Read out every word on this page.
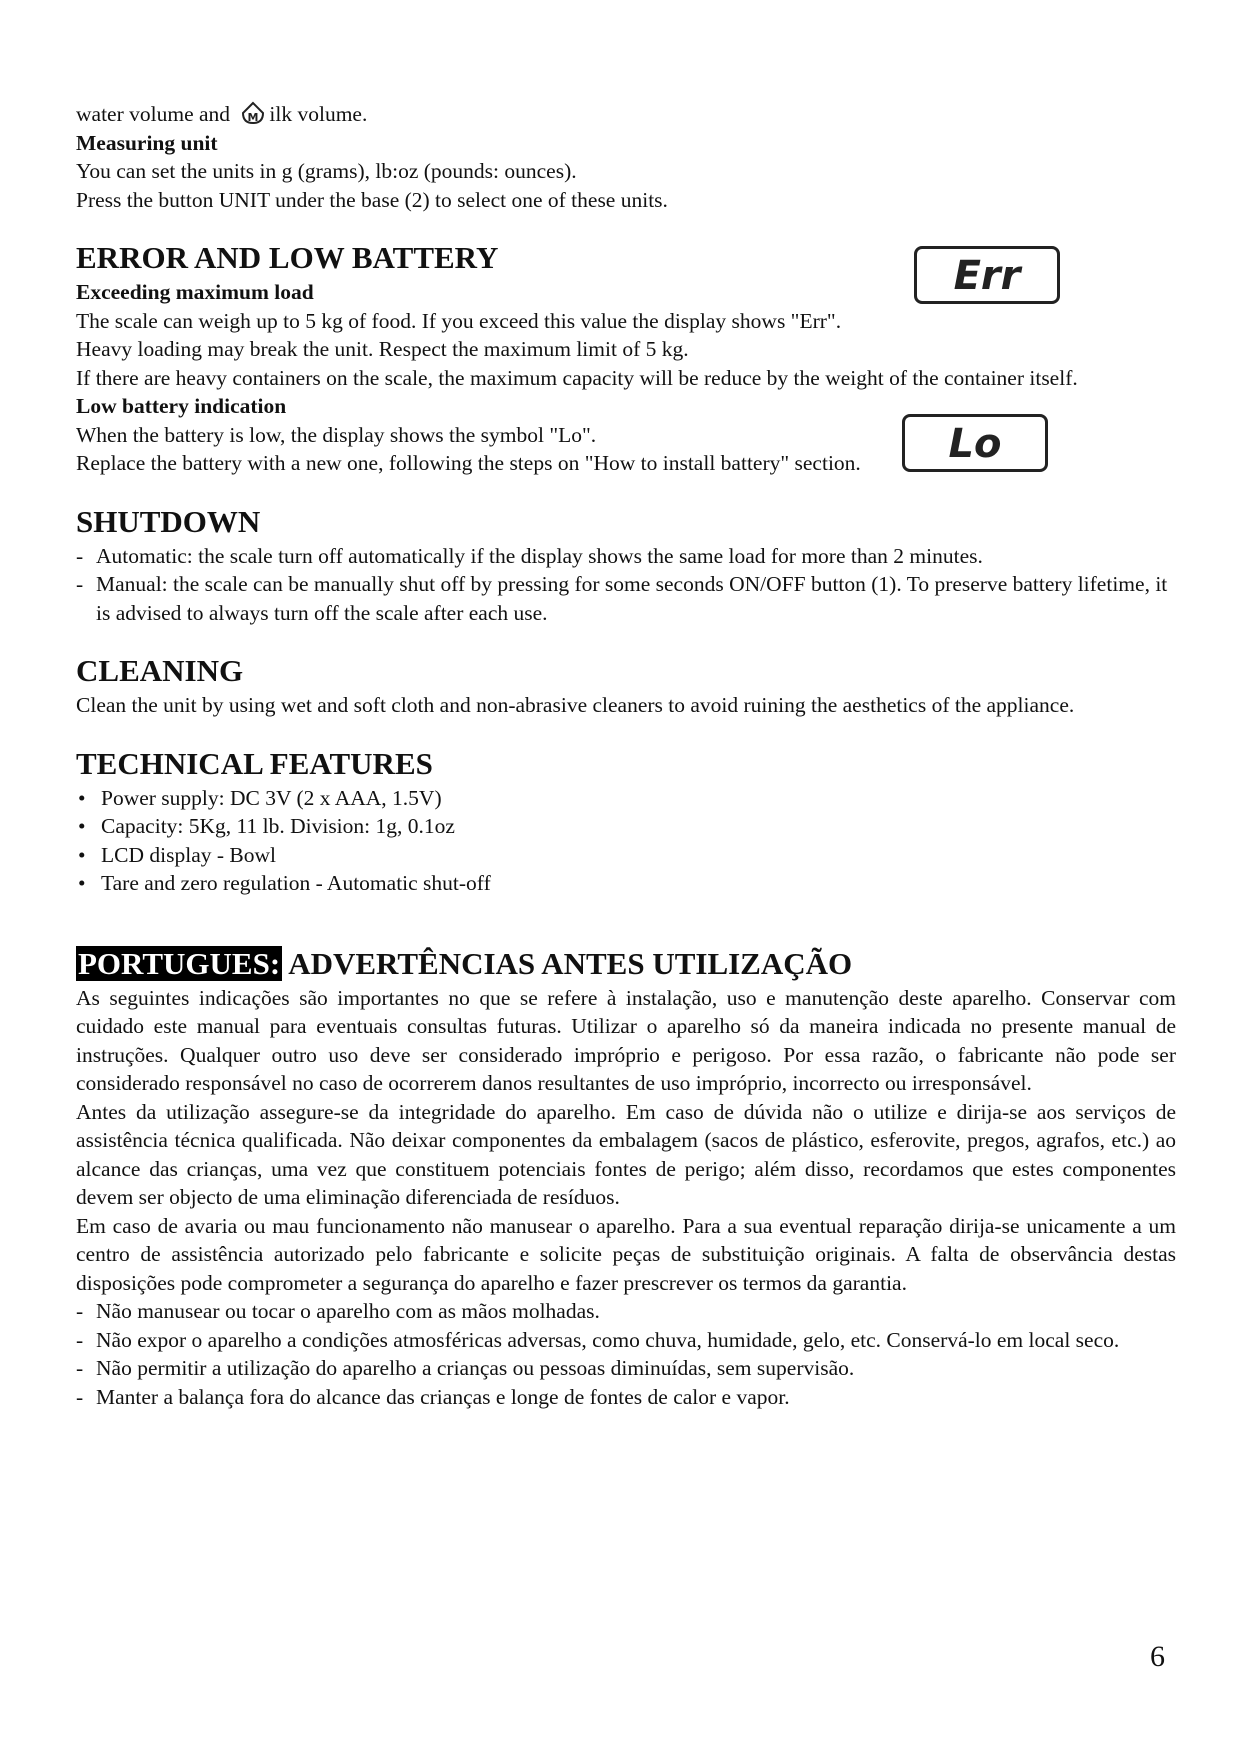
Err
Lo

water volume and M ilk volume.

Measuring unit

You can set the units in g (grams), lb:oz (pounds: ounces).

Press the button UNIT under the base (2) to select one of these units.

ERROR AND LOW BATTERY

Exceeding maximum load

The scale can weigh up to 5 kg of food. If you exceed this value the display shows "Err".

Heavy loading may break the unit. Respect the maximum limit of 5 kg.

If there are heavy containers on the scale, the maximum capacity will be reduce by the weight of the container itself.

Low battery indication

When the battery is low, the display shows the symbol "Lo".

Replace the battery with a new one, following the steps on "How to install battery" section.

SHUTDOWN
- Automatic: the scale turn off automatically if the display shows the same load for more than 2 minutes.
- Manual: the scale can be manually shut off by pressing for some seconds ON/OFF button (1). To preserve battery lifetime, it is advised to always turn off the scale after each use.
CLEANING

Clean the unit by using wet and soft cloth and non-abrasive cleaners to avoid ruining the aesthetics of the appliance.

TECHNICAL FEATURES
• Power supply: DC 3V (2 x AAA, 1.5V)
• Capacity: 5Kg, 11 lb. Division: 1g, 0.1oz
• LCD display - Bowl
• Tare and zero regulation - Automatic shut-off
PORTUGUES: ADVERTÊNCIAS ANTES UTILIZAÇÃO

As seguintes indicações são importantes no que se refere à instalação, uso e manutenção deste aparelho. Conservar com cuidado este manual para eventuais consultas futuras. Utilizar o aparelho só da maneira indicada no presente manual de instruções. Qualquer outro uso deve ser considerado impróprio e perigoso. Por essa razão, o fabricante não pode ser considerado responsável no caso de ocorrerem danos resultantes de uso impróprio, incorrecto ou irresponsável.

Antes da utilização assegure-se da integridade do aparelho. Em caso de dúvida não o utilize e dirija-se aos serviços de assistência técnica qualificada. Não deixar componentes da embalagem (sacos de plástico, esferovite, pregos, agrafos, etc.) ao alcance das crianças, uma vez que constituem potenciais fontes de perigo; além disso, recordamos que estes componentes devem ser objecto de uma eliminação diferenciada de resíduos.

Em caso de avaria ou mau funcionamento não manusear o aparelho. Para a sua eventual reparação dirija-se unicamente a um centro de assistência autorizado pelo fabricante e solicite peças de substituição originais. A falta de observância destas disposições pode comprometer a segurança do aparelho e fazer prescrever os termos da garantia.

- Não manusear ou tocar o aparelho com as mãos molhadas.
- Não expor o aparelho a condições atmosféricas adversas, como chuva, humidade, gelo, etc. Conservá-lo em local seco.
- Não permitir a utilização do aparelho a crianças ou pessoas diminuídas, sem supervisão.
- Manter a balança fora do alcance das crianças e longe de fontes de calor e vapor.
6
